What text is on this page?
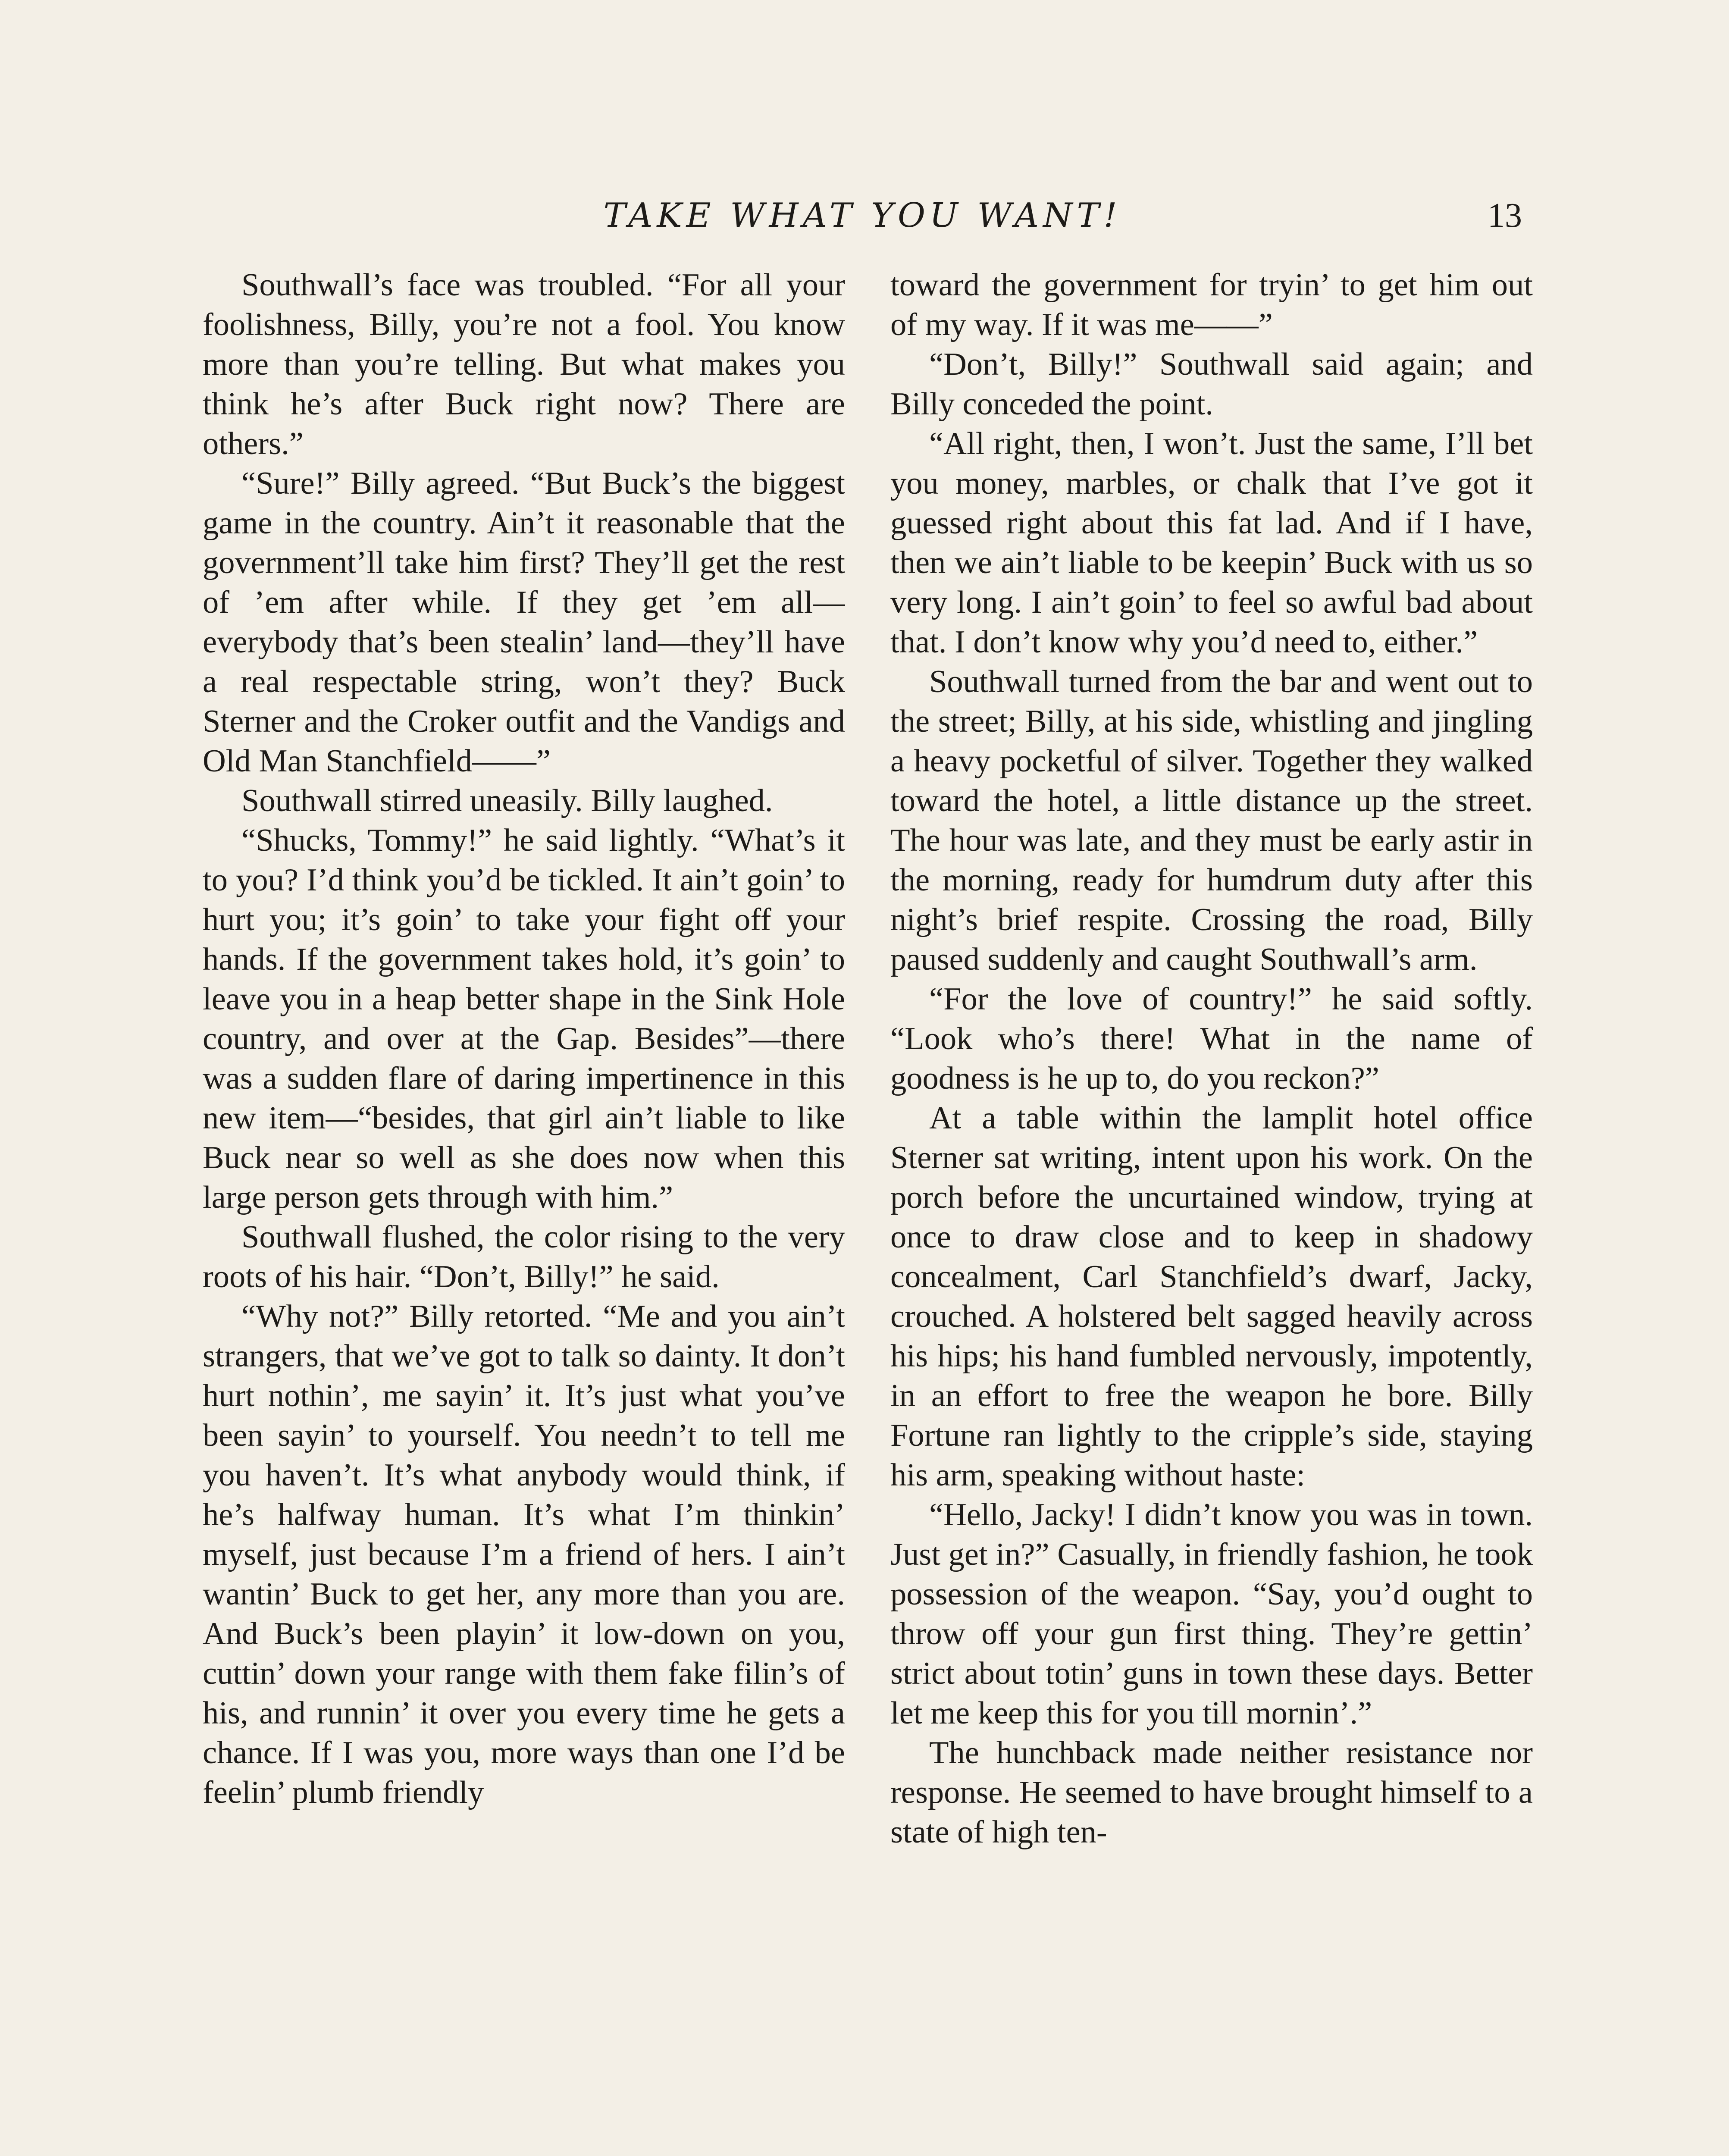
TAKE WHAT YOU WANT!	13

Southwall’s face was troubled. “For all your foolishness, Billy, you’re not a fool. You know more than you’re telling. But what makes you think he’s after Buck right now? There are others.”

“Sure!” Billy agreed. “But Buck’s the biggest game in the country. Ain’t it reasonable that the government’ll take him first? They’ll get the rest of ’em after while. If they get ’em all—everybody that’s been stealin’ land—they’ll have a real respectable string, won’t they? Buck Sterner and the Croker outfit and the Vandigs and Old Man Stanchfield——”

Southwall stirred uneasily. Billy laughed.

“Shucks, Tommy!” he said lightly. “What’s it to you? I’d think you’d be tickled. It ain’t goin’ to hurt you; it’s goin’ to take your fight off your hands. If the government takes hold, it’s goin’ to leave you in a heap better shape in the Sink Hole country, and over at the Gap. Besides”—there was a sudden flare of daring impertinence in this new item—“besides, that girl ain’t liable to like Buck near so well as she does now when this large person gets through with him.”

Southwall flushed, the color rising to the very roots of his hair. “Don’t, Billy!” he said.

“Why not?” Billy retorted. “Me and you ain’t strangers, that we’ve got to talk so dainty. It don’t hurt nothin’, me sayin’ it. It’s just what you’ve been sayin’ to yourself. You needn’t to tell me you haven’t. It’s what anybody would think, if he’s halfway human. It’s what I’m thinkin’ myself, just because I’m a friend of hers. I ain’t wantin’ Buck to get her, any more than you are. And Buck’s been playin’ it low-down on you, cuttin’ down your range with them fake filin’s of his, and runnin’ it over you every time he gets a chance. If I was you, more ways than one I’d be feelin’ plumb friendly

toward the government for tryin’ to get him out of my way. If it was me——”

“Don’t, Billy!” Southwall said again; and Billy conceded the point.

“All right, then, I won’t. Just the same, I’ll bet you money, marbles, or chalk that I’ve got it guessed right about this fat lad. And if I have, then we ain’t liable to be keepin’ Buck with us so very long. I ain’t goin’ to feel so awful bad about that. I don’t know why you’d need to, either.”

Southwall turned from the bar and went out to the street; Billy, at his side, whistling and jingling a heavy pocketful of silver. Together they walked toward the hotel, a little distance up the street. The hour was late, and they must be early astir in the morning, ready for humdrum duty after this night’s brief respite. Crossing the road, Billy paused suddenly and caught Southwall’s arm.

“For the love of country!” he said softly. “Look who’s there! What in the name of goodness is he up to, do you reckon?”

At a table within the lamplit hotel office Sterner sat writing, intent upon his work. On the porch before the uncurtained window, trying at once to draw close and to keep in shadowy concealment, Carl Stanchfield’s dwarf, Jacky, crouched. A holstered belt sagged heavily across his hips; his hand fumbled nervously, impotently, in an effort to free the weapon he bore. Billy Fortune ran lightly to the cripple’s side, staying his arm, speaking without haste:

“Hello, Jacky! I didn’t know you was in town. Just get in?” Casually, in friendly fashion, he took possession of the weapon. “Say, you’d ought to throw off your gun first thing. They’re gettin’ strict about totin’ guns in town these days. Better let me keep this for you till mornin’.”

The hunchback made neither resistance nor response. He seemed to have brought himself to a state of high ten-
